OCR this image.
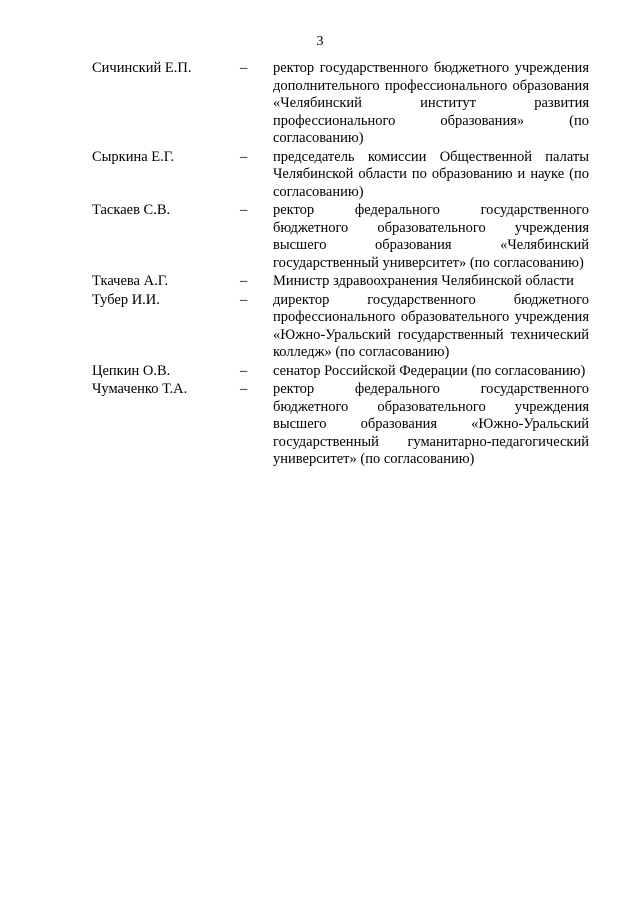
3
Сичинский Е.П.	– ректор государственного бюджетного учреждения дополнительного профессионального образования «Челябинский институт развития профессионального образования» (по согласованию)
Сыркина Е.Г.	– председатель комиссии Общественной палаты Челябинской области по образованию и науке (по согласованию)
Таскаев С.В.	– ректор федерального государственного бюджетного образовательного учреждения высшего образования «Челябинский государственный университет» (по согласованию)
Ткачева А.Г.	– Министр здравоохранения Челябинской области
Тубер И.И.	– директор государственного бюджетного профессионального образовательного учреждения «Южно-Уральский государственный технический колледж» (по согласованию)
Цепкин О.В.	– сенатор Российской Федерации (по согласованию)
Чумаченко Т.А.	– ректор федерального государственного бюджетного образовательного учреждения высшего образования «Южно-Уральский государственный гуманитарно-педагогический университет» (по согласованию)
